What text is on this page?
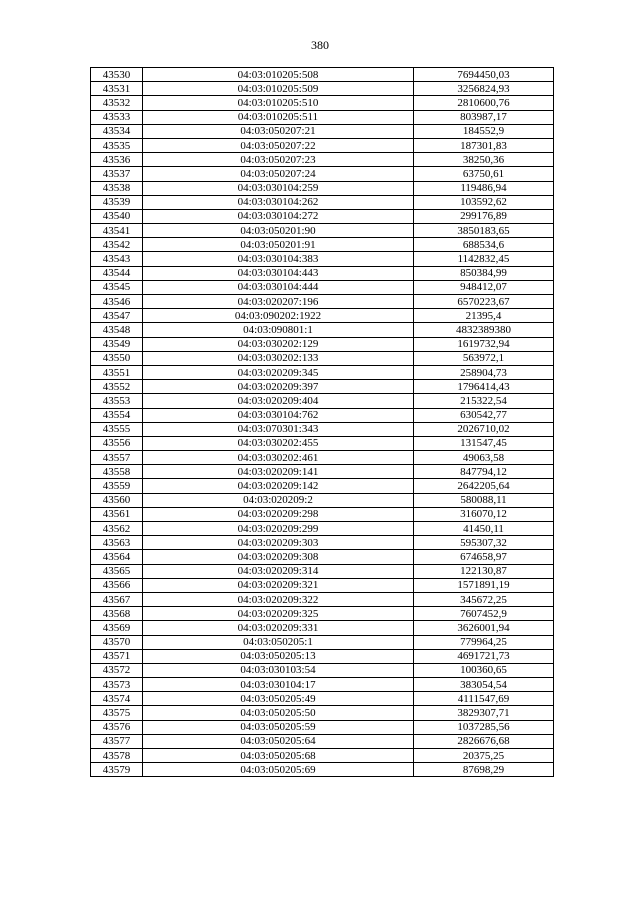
380
43530	04:03:010205:508	7694450,03
43531	04:03:010205:509	3256824,93
43532	04:03:010205:510	2810600,76
43533	04:03:010205:511	803987,17
43534	04:03:050207:21	184552,9
43535	04:03:050207:22	187301,83
43536	04:03:050207:23	38250,36
43537	04:03:050207:24	63750,61
43538	04:03:030104:259	119486,94
43539	04:03:030104:262	103592,62
43540	04:03:030104:272	299176,89
43541	04:03:050201:90	3850183,65
43542	04:03:050201:91	688534,6
43543	04:03:030104:383	1142832,45
43544	04:03:030104:443	850384,99
43545	04:03:030104:444	948412,07
43546	04:03:020207:196	6570223,67
43547	04:03:090202:1922	21395,4
43548	04:03:090801:1	4832389380
43549	04:03:030202:129	1619732,94
43550	04:03:030202:133	563972,1
43551	04:03:020209:345	258904,73
43552	04:03:020209:397	1796414,43
43553	04:03:020209:404	215322,54
43554	04:03:030104:762	630542,77
43555	04:03:070301:343	2026710,02
43556	04:03:030202:455	131547,45
43557	04:03:030202:461	49063,58
43558	04:03:020209:141	847794,12
43559	04:03:020209:142	2642205,64
43560	04:03:020209:2	580088,11
43561	04:03:020209:298	316070,12
43562	04:03:020209:299	41450,11
43563	04:03:020209:303	595307,32
43564	04:03:020209:308	674658,97
43565	04:03:020209:314	122130,87
43566	04:03:020209:321	1571891,19
43567	04:03:020209:322	345672,25
43568	04:03:020209:325	7607452,9
43569	04:03:020209:331	3626001,94
43570	04:03:050205:1	779964,25
43571	04:03:050205:13	4691721,73
43572	04:03:030103:54	100360,65
43573	04:03:030104:17	383054,54
43574	04:03:050205:49	4111547,69
43575	04:03:050205:50	3829307,71
43576	04:03:050205:59	1037285,56
43577	04:03:050205:64	2826676,68
43578	04:03:050205:68	20375,25
43579	04:03:050205:69	87698,29
